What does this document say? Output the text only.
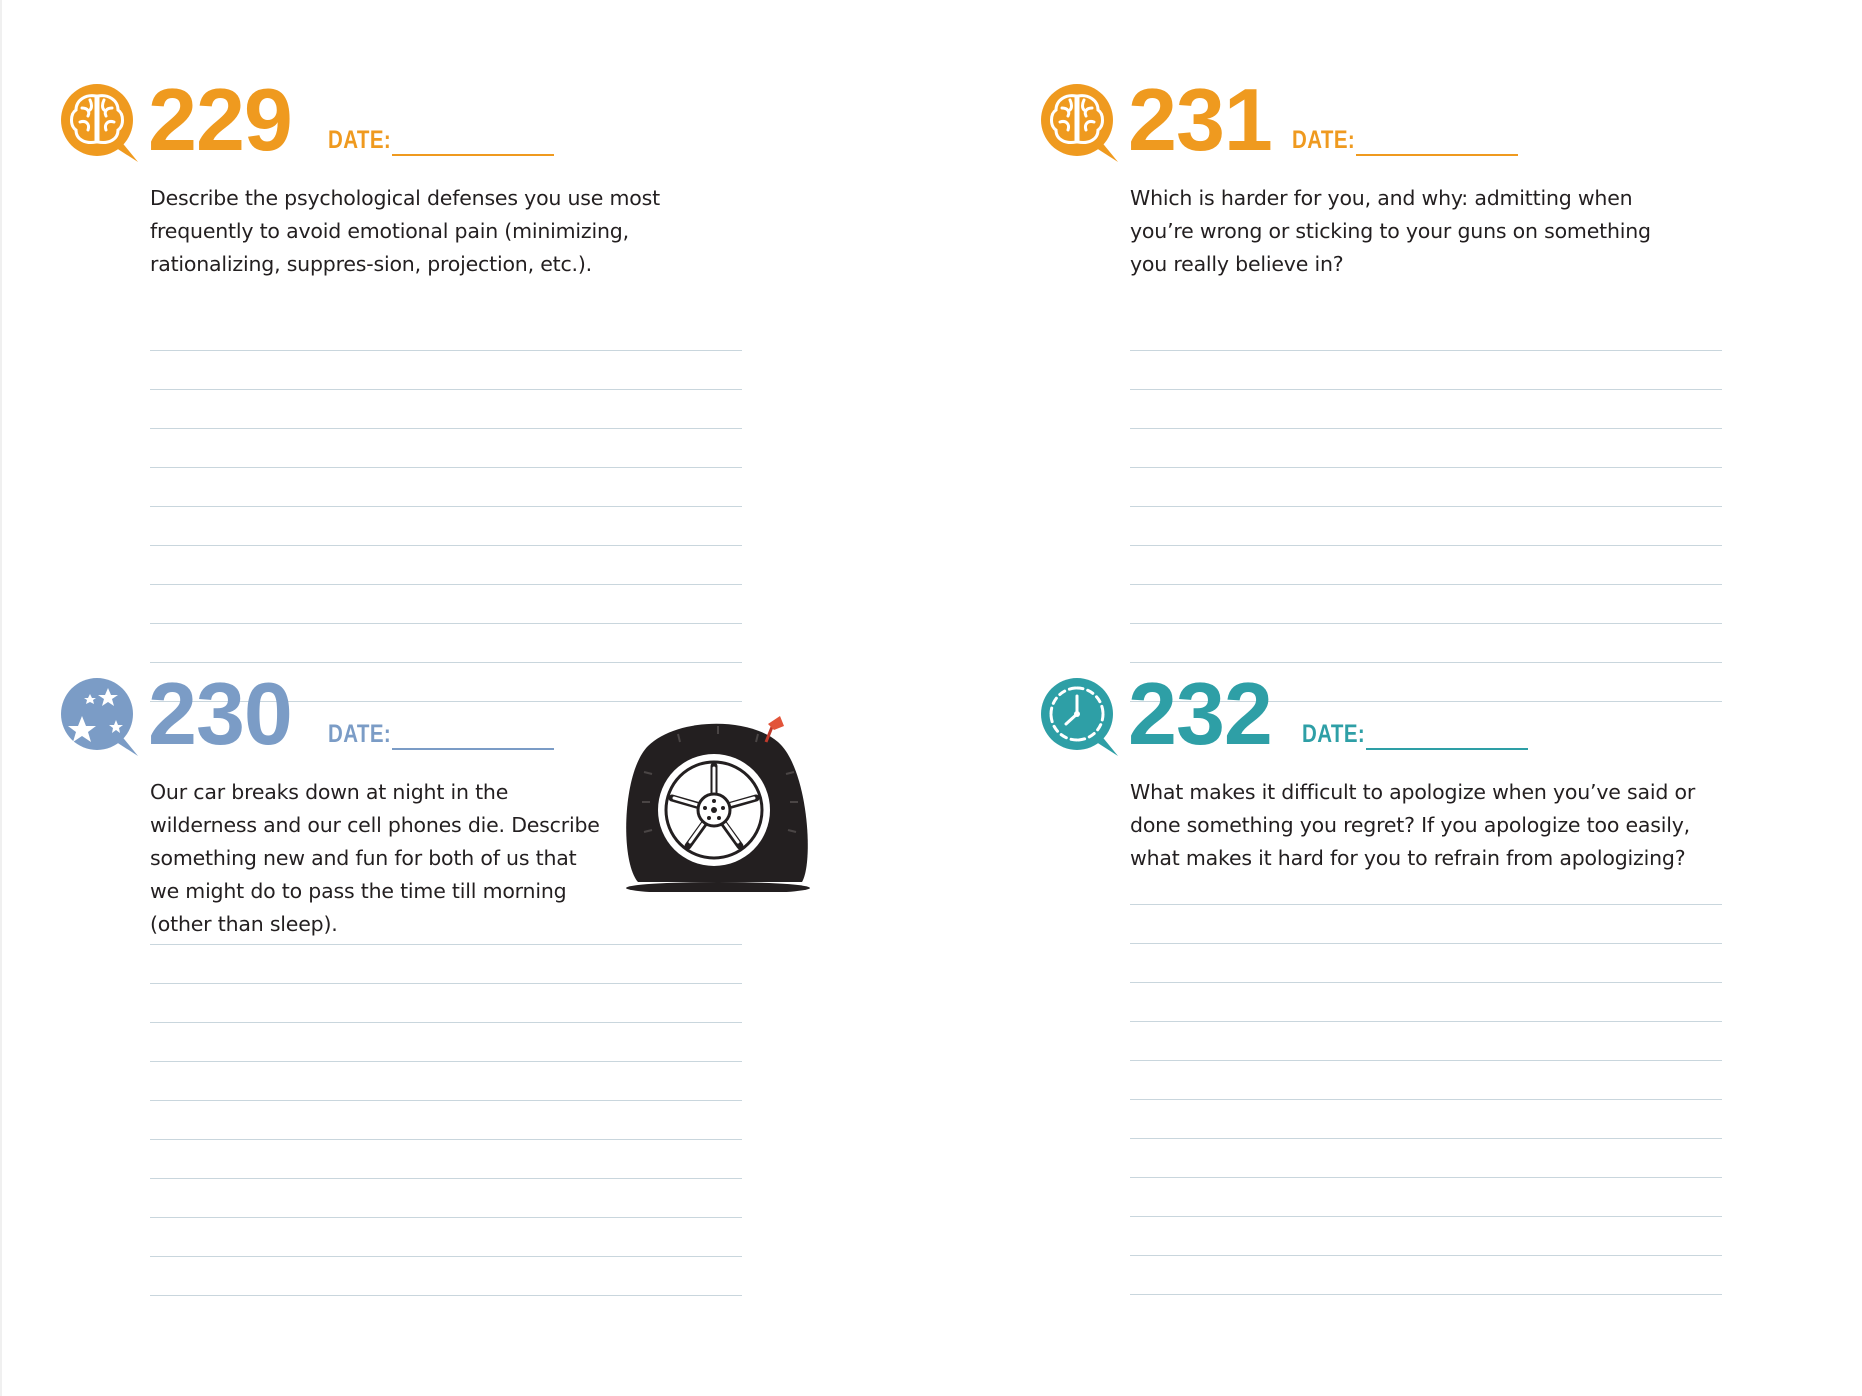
229 DATE:
Describe the psychological defenses you use most frequently to avoid emotional pain (minimizing, rationalizing, suppres-sion, projection, etc.).
230 DATE:
Our car breaks down at night in the wilderness and our cell phones die. Describe something new and fun for both of us that we might do to pass the time till morning (other than sleep).
231 DATE:
Which is harder for you, and why: admitting when you’re wrong or sticking to your guns on something you really believe in?
232 DATE:
What makes it difficult to apologize when you’ve said or done something you regret? If you apologize too easily, what makes it hard for you to refrain from apologizing?
